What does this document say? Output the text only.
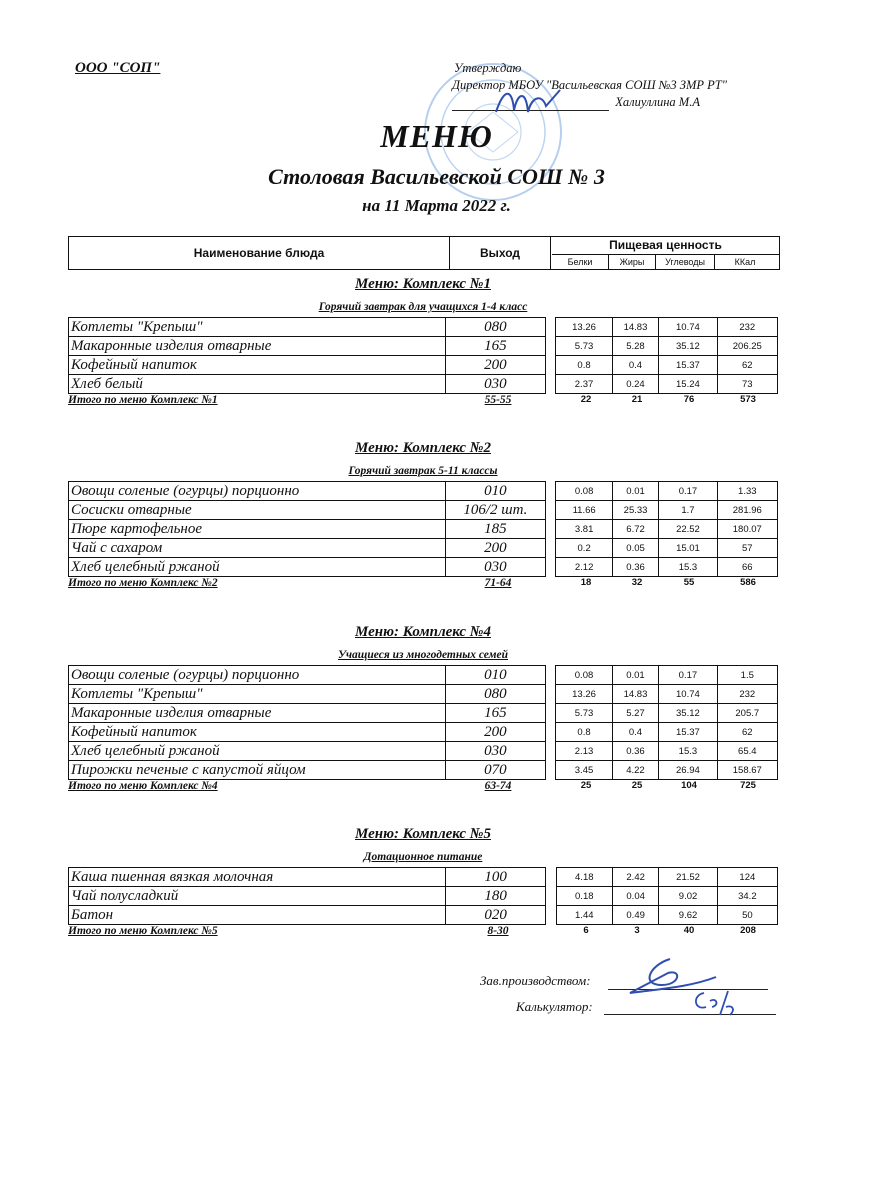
ООО "СОП"	Утверждаю
Директор МБОУ "Васильевская СОШ №3 ЗМР РТ"
Халиуллина М.А
МЕНЮ
Столовая Васильевской СОШ № 3
на 11 Марта 2022 г.
Наименование блюда	Выход
Пищевая ценность
Белки	Жиры	Углеводы	ККал
Меню: Комплекс №1
Горячий завтрак для учащихся 1-4 класс
Котлеты "Крепыш"	080		13.26	14.83	10.74	232
Макаронные изделия отварные	165		5.73	5.28	35.12	206.25
Кофейный напиток	200		0.8	0.4	15.37	62
Хлеб белый	030		2.37	0.24	15.24	73
Итого по меню Комплекс №1	55-55	22	21	76	573
Меню: Комплекс №2
Горячий завтрак 5-11 классы
Овощи соленые (огурцы) порционно	010		0.08	0.01	0.17	1.33
Сосиски отварные	106/2 шт.		11.66	25.33	1.7	281.96
Пюре картофельное	185		3.81	6.72	22.52	180.07
Чай с сахаром	200		0.2	0.05	15.01	57
Хлеб целебный ржаной	030		2.12	0.36	15.3	66
Итого по меню Комплекс №2	71-64	18	32	55	586
Меню: Комплекс №4
Учащиеся из многодетных семей
Овощи соленые (огурцы) порционно	010		0.08	0.01	0.17	1.5
Котлеты "Крепыш"	080		13.26	14.83	10.74	232
Макаронные изделия отварные	165		5.73	5.27	35.12	205.7
Кофейный напиток	200		0.8	0.4	15.37	62
Хлеб целебный ржаной	030		2.13	0.36	15.3	65.4
Пирожки печеные с капустой яйцом	070		3.45	4.22	26.94	158.67
Итого по меню Комплекс №4	63-74	25	25	104	725
Меню: Комплекс №5
Дотационное питание
Каша пшенная вязкая молочная	100		4.18	2.42	21.52	124
Чай полусладкий	180		0.18	0.04	9.02	34.2
Батон	020		1.44	0.49	9.62	50
Итого по меню Комплекс №5	8-30	6	3	40	208
Зав.производством:
Калькулятор:
